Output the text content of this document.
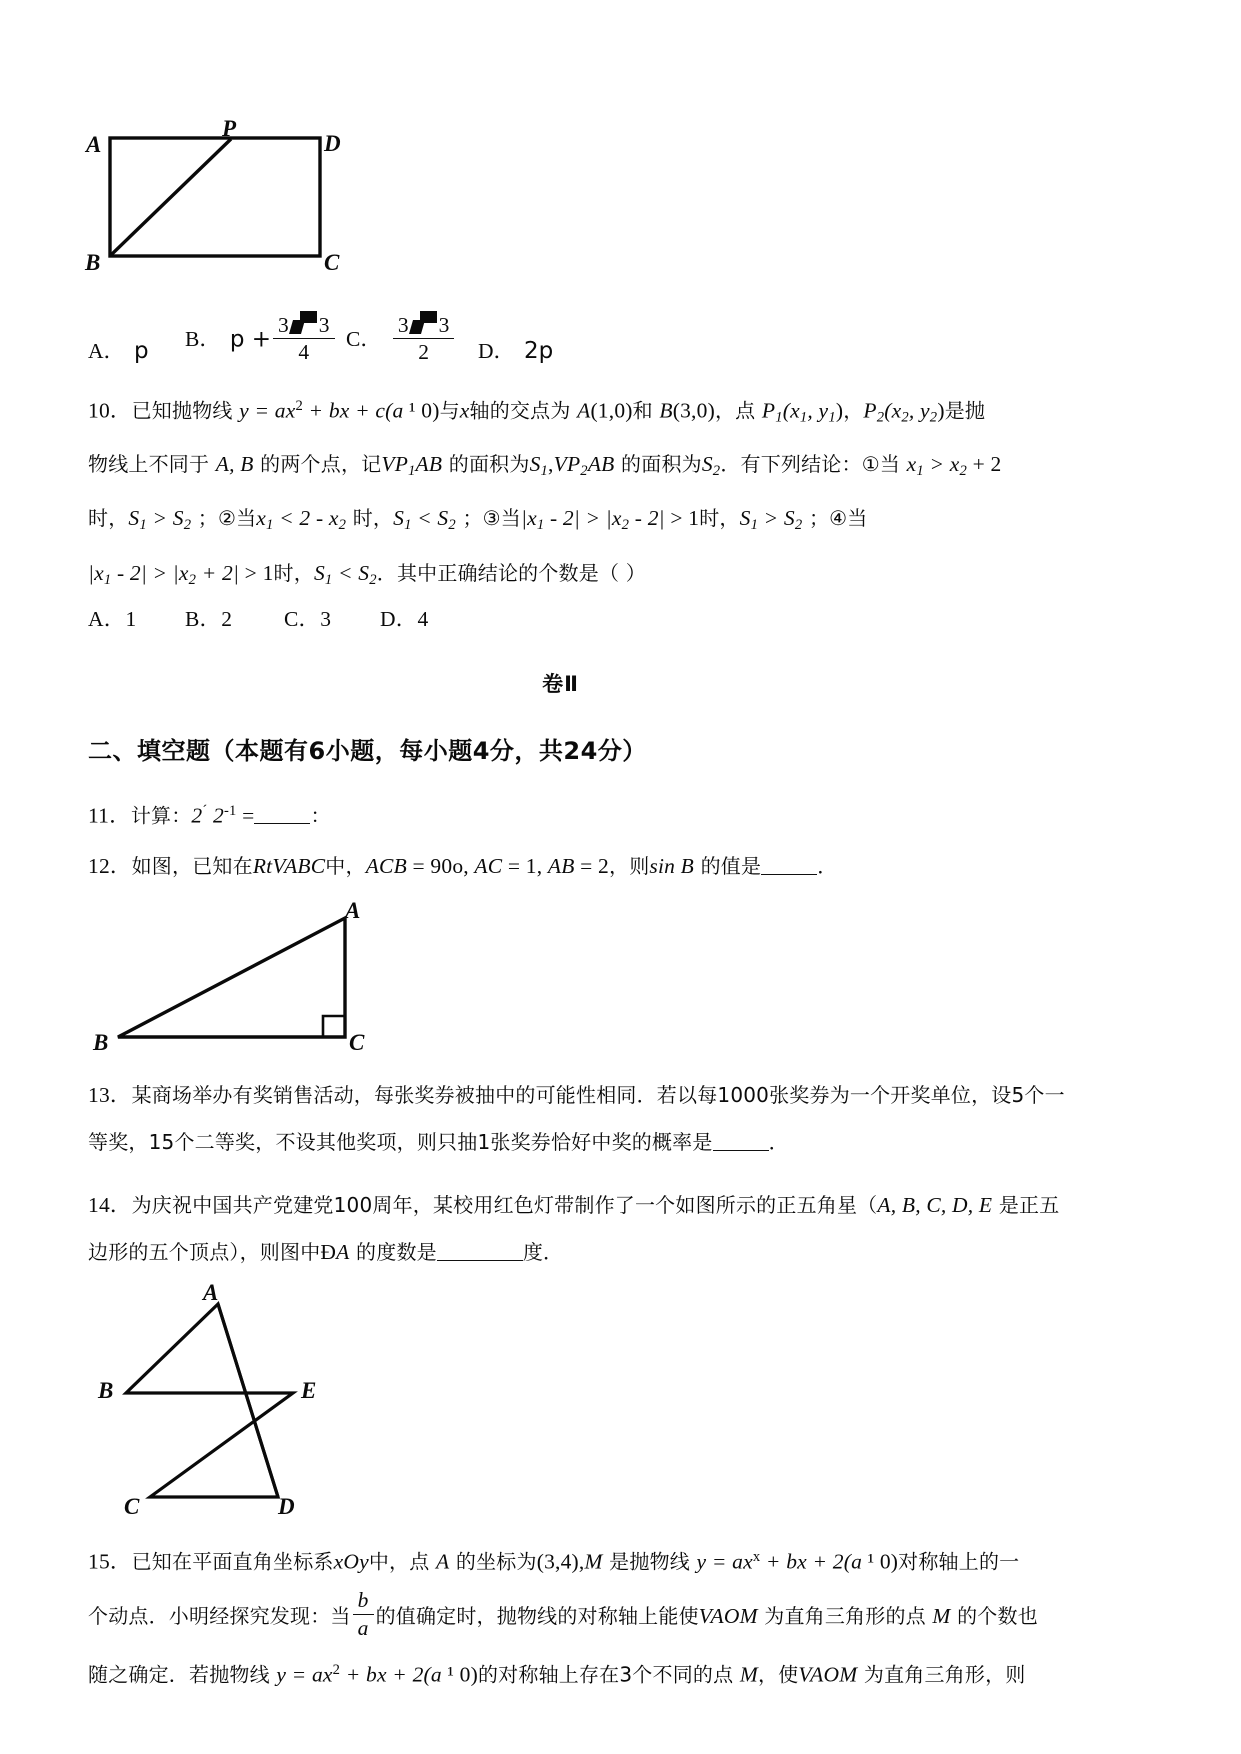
A
P
D
B	C
A． p B． $p + \frac{3 3}{4}$ C． $\frac{3 3}{2}$ D． 2p
10．已知抛物线 $y = ax^2$ + bx + c(a ¹ 0)与x轴的交点为 A(1,0)和 B(3,0)，点 $P_1(x_1$, $y_1$)，$P_2(x_2$, $y_2$)是抛
物线上不同于 A, B 的两个点，记$VP_1AB$ 的面积为$S_1,VP_2AB$ 的面积为$S_2$．有下列结论：①当 $x_1 > x_2 + 2$
时，$S_1 > S_2$ ；②当$x_1 < 2 - x_2$ 时，$S_1 < S_2$ ；③当$|x_1 - 2| > |x_2 - 2| > 1$时，$S_1 > S_2$ ；④当
$|x_1 - 2| > |x_2 + 2| > 1$时，$S_1 < S_2$．其中正确结论的个数是（ ）
A．1 B．2 C．3 D．4
卷Ⅱ
二、填空题（本题有6小题，每小题4分，共24分）
11．计算：2´ $2^{-1}$ =	：
12．如图，已知在RtVABC中，ACB = 90o, AC = 1, AB = 2，则sin B 的值是	．
A
B	C
13．某商场举办有奖销售活动，每张奖券被抽中的可能性相同．若以每1000张奖券为一个开奖单位，设5个一
等奖，15个二等奖，不设其他奖项，则只抽1张奖券恰好中奖的概率是	．
14．为庆祝中国共产党建党100周年，某校用红色灯带制作了一个如图所示的正五角星（A, B, C, D, E 是正五
边形的五个顶点），则图中ÐA 的度数是	度．
A
B	E
C	D
15．已知在平面直角坐标系xOy中，点 A 的坐标为(3,4),M 是抛物线 $y = ax^x$ + bx + 2(a ¹ 0)对称轴上的一
个动点．小明经探究发现：当 $\frac{b}{a}$ 的值确定时，抛物线的对称轴上能使VAOM 为直角三角形的点 M 的个数也
随之确定．若抛物线 $y = ax^2$ + bx + 2(a ¹ 0)的对称轴上存在3个不同的点 M，使VAOM 为直角三角形，则
